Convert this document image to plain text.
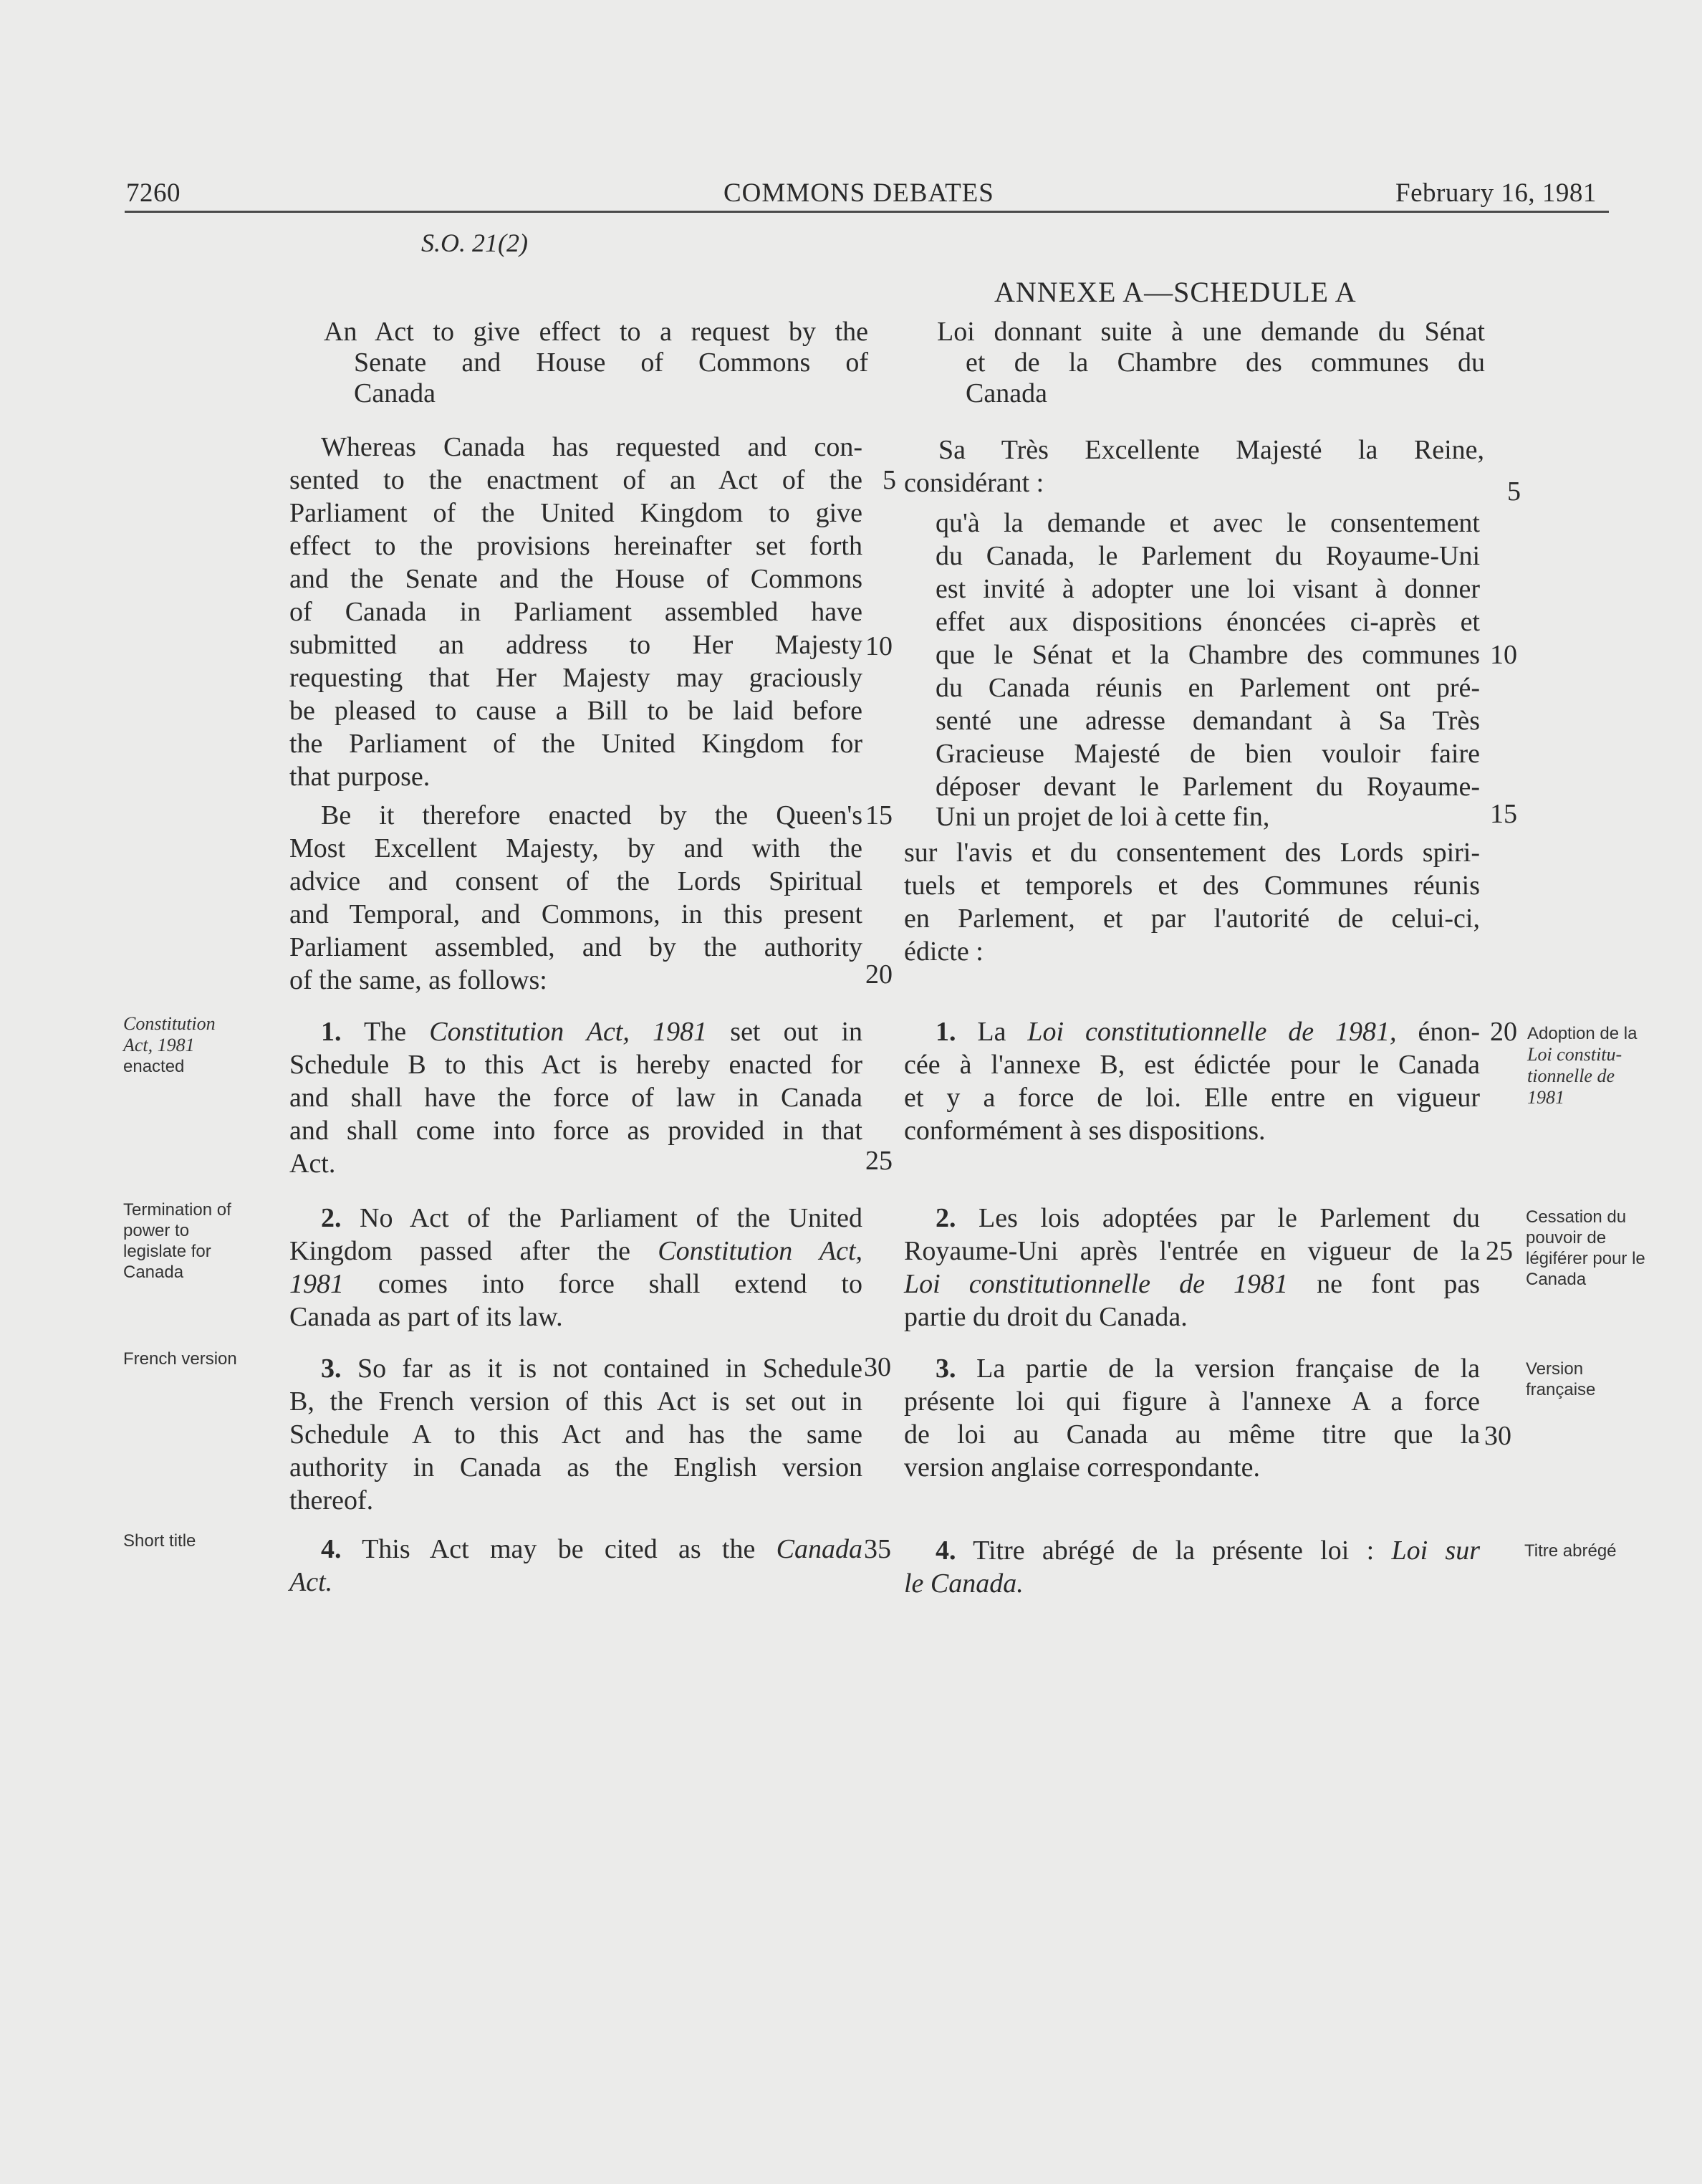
7260	COMMONS DEBATES	February 16, 1981
S.O. 21(2)
ANNEXE A—SCHEDULE A
An Act to give effect to a request by the
Senate and House of Commons of
Canada
Loi donnant suite à une demande du Sénat
et de la Chambre des communes du
Canada
Whereas Canada has requested and con-
sented to the enactment of an Act of the
Parliament of the United Kingdom to give
effect to the provisions hereinafter set forth
and the Senate and the House of Commons
of Canada in Parliament assembled have
submitted an address to Her Majesty
requesting that Her Majesty may graciously
be pleased to cause a Bill to be laid before
the Parliament of the United Kingdom for
that purpose.
Be it therefore enacted by the Queen's
Most Excellent Majesty, by and with the
advice and consent of the Lords Spiritual
and Temporal, and Commons, in this present
Parliament assembled, and by the authority
of the same, as follows:
1. The Constitution Act, 1981 set out in
Schedule B to this Act is hereby enacted for
and shall have the force of law in Canada
and shall come into force as provided in that
Act.
2. No Act of the Parliament of the United
Kingdom passed after the Constitution Act,
1981 comes into force shall extend to
Canada as part of its law.
3. So far as it is not contained in Schedule
B, the French version of this Act is set out in
Schedule A to this Act and has the same
authority in Canada as the English version
thereof.
4. This Act may be cited as the Canada
Act.
Sa Très Excellente Majesté la Reine,
considérant :
qu'à la demande et avec le consentement
du Canada, le Parlement du Royaume-Uni
est invité à adopter une loi visant à donner
effet aux dispositions énoncées ci-après et
que le Sénat et la Chambre des communes
du Canada réunis en Parlement ont pré-
senté une adresse demandant à Sa Très
Gracieuse Majesté de bien vouloir faire
déposer devant le Parlement du Royaume-
Uni un projet de loi à cette fin,
sur l'avis et du consentement des Lords spiri-
tuels et temporels et des Communes réunis
en Parlement, et par l'autorité de celui-ci,
édicte :
1. La Loi constitutionnelle de 1981, énon-
cée à l'annexe B, est édictée pour le Canada
et y a force de loi. Elle entre en vigueur
conformément à ses dispositions.
2. Les lois adoptées par le Parlement du
Royaume-Uni après l'entrée en vigueur de la
Loi constitutionnelle de 1981 ne font pas
partie du droit du Canada.
3. La partie de la version française de la
présente loi qui figure à l'annexe A a force
de loi au Canada au même titre que la
version anglaise correspondante.
4. Titre abrégé de la présente loi : Loi sur
le Canada.
5
10
15
20
25
30
35
5
10
15
20
25
30
Constitution
Act, 1981
enacted
Termination of
power to
legislate for
Canada
French version
Short title
Adoption de la
Loi constitu-
tionnelle de
1981
Cessation du
pouvoir de
légiférer pour le
Canada
Version
française
Titre abrégé
